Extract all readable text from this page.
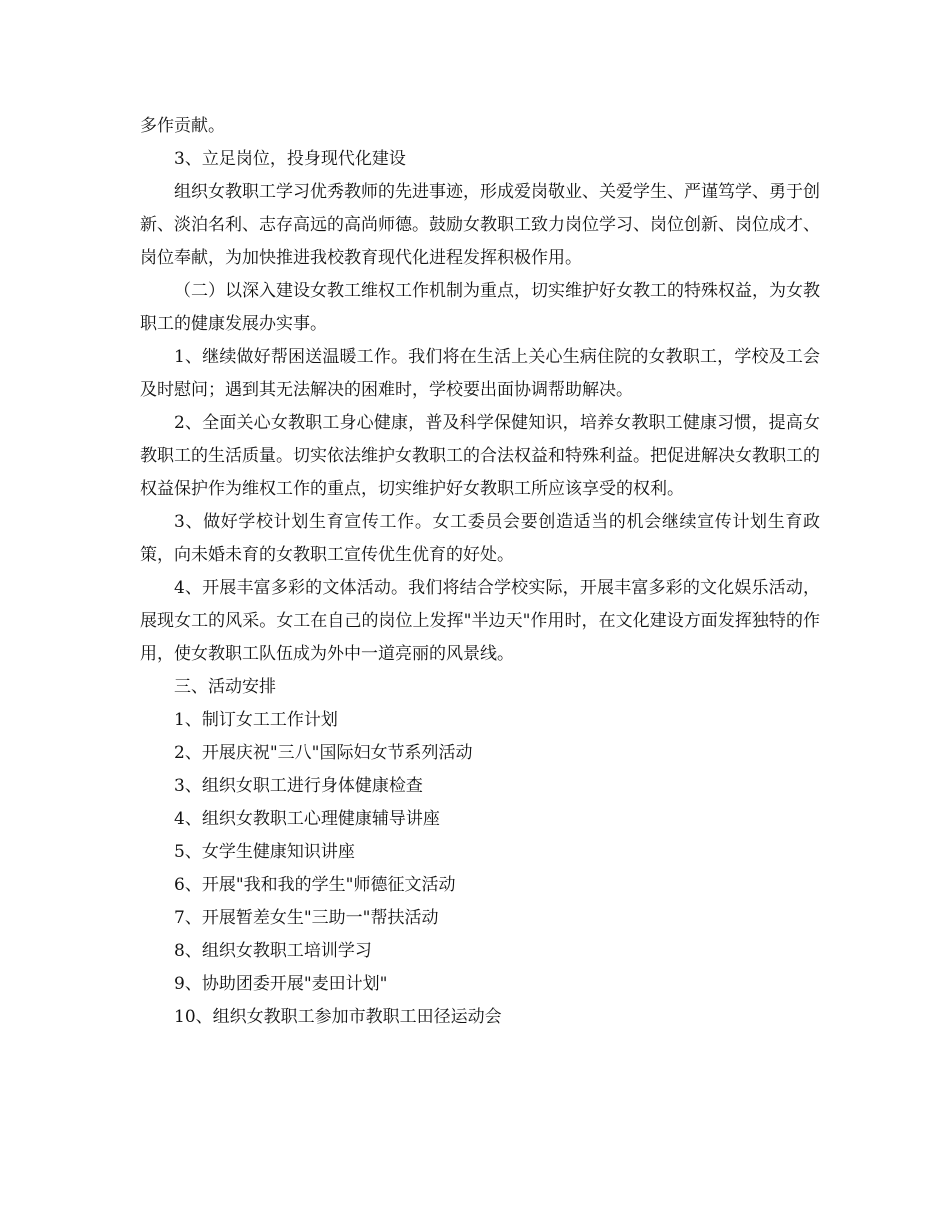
多作贡献。

3、立足岗位，投身现代化建设

组织女教职工学习优秀教师的先进事迹，形成爱岗敬业、关爱学生、严谨笃学、勇于创新、淡泊名利、志存高远的高尚师德。鼓励女教职工致力岗位学习、岗位创新、岗位成才、岗位奉献，为加快推进我校教育现代化进程发挥积极作用。

（二）以深入建设女教工维权工作机制为重点，切实维护好女教工的特殊权益，为女教职工的健康发展办实事。

1、继续做好帮困送温暖工作。我们将在生活上关心生病住院的女教职工，学校及工会及时慰问；遇到其无法解决的困难时，学校要出面协调帮助解决。

2、全面关心女教职工身心健康，普及科学保健知识，培养女教职工健康习惯，提高女教职工的生活质量。切实依法维护女教职工的合法权益和特殊利益。把促进解决女教职工的权益保护作为维权工作的重点，切实维护好女教职工所应该享受的权利。

3、做好学校计划生育宣传工作。女工委员会要创造适当的机会继续宣传计划生育政策，向未婚未育的女教职工宣传优生优育的好处。

4、开展丰富多彩的文体活动。我们将结合学校实际，开展丰富多彩的文化娱乐活动，展现女工的风采。女工在自己的岗位上发挥"半边天"作用时，在文化建设方面发挥独特的作用，使女教职工队伍成为外中一道亮丽的风景线。

三、活动安排

1、制订女工工作计划

2、开展庆祝"三八"国际妇女节系列活动

3、组织女职工进行身体健康检查

4、组织女教职工心理健康辅导讲座

5、女学生健康知识讲座

6、开展"我和我的学生"师德征文活动

7、开展暂差女生"三助一"帮扶活动

8、组织女教职工培训学习

9、协助团委开展"麦田计划"

10、组织女教职工参加市教职工田径运动会
